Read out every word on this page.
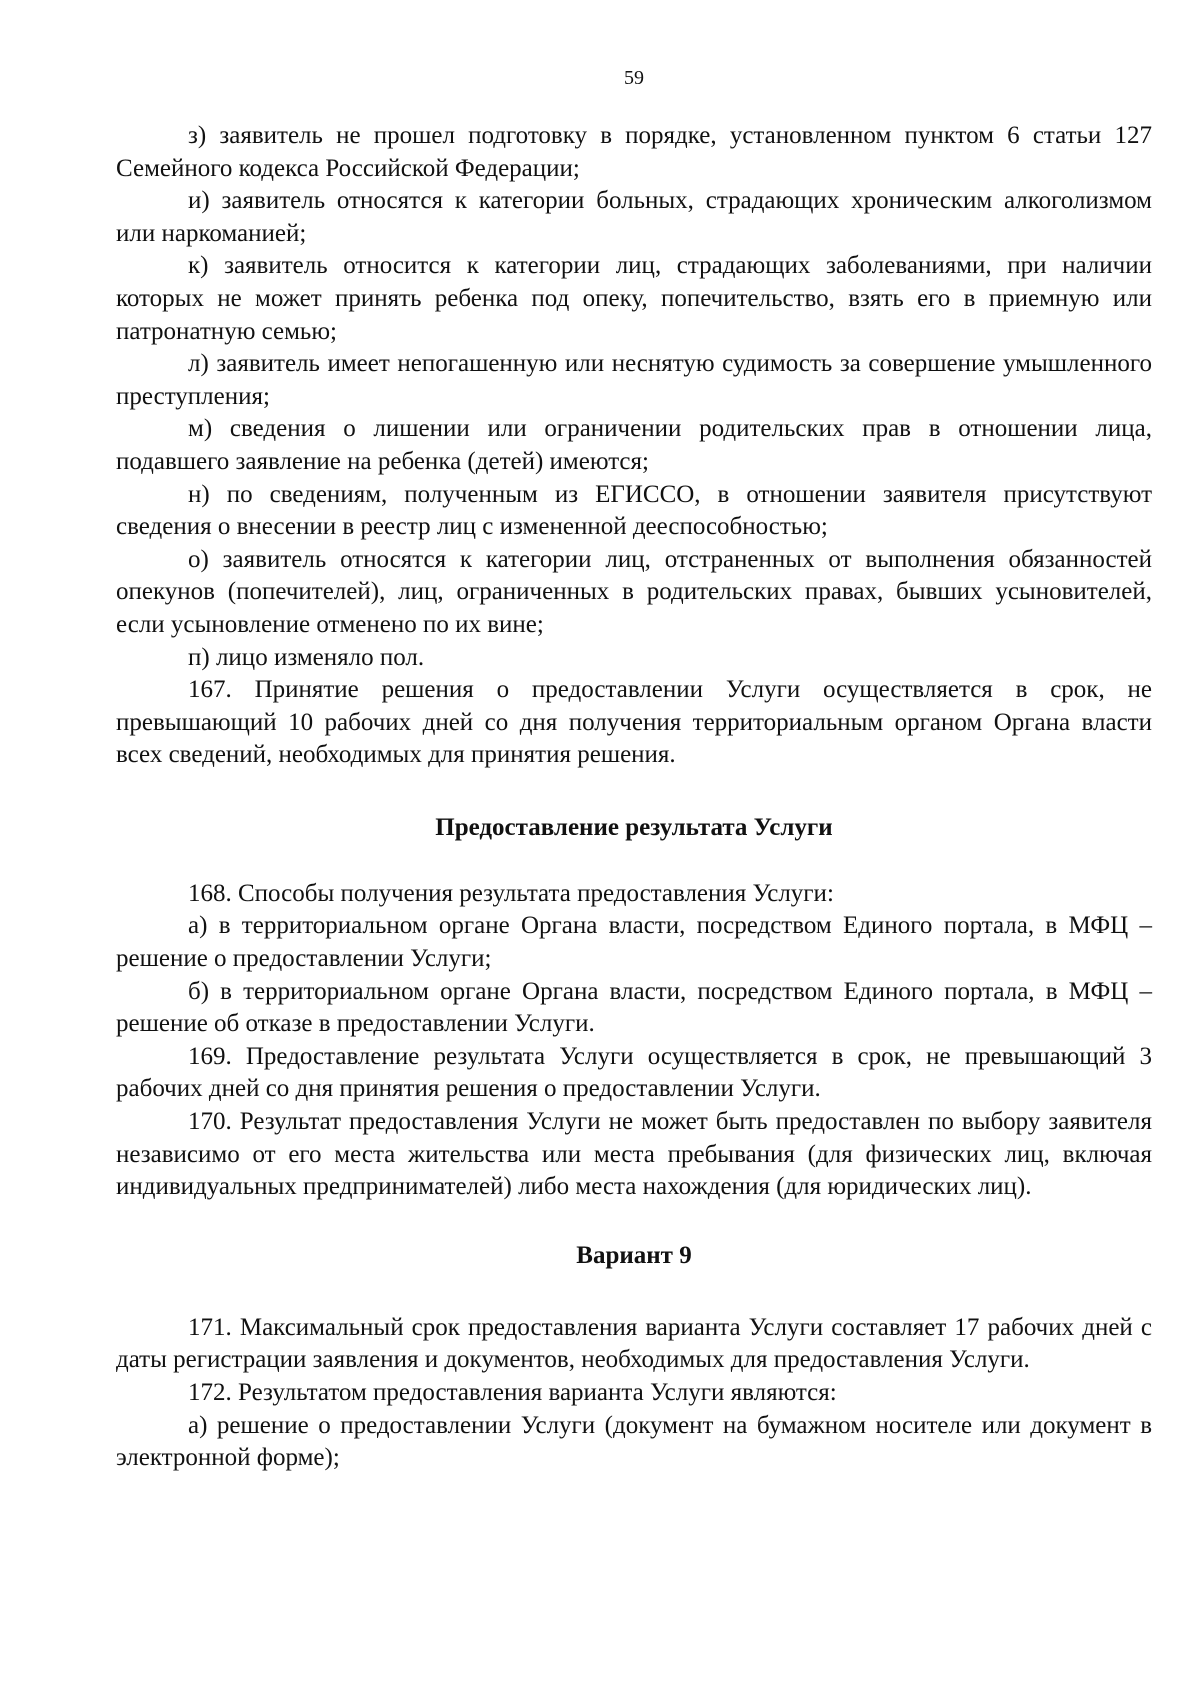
59

з) заявитель не прошел подготовку в порядке, установленном пунктом 6 статьи 127 Семейного кодекса Российской Федерации;

и) заявитель относятся к категории больных, страдающих хроническим алкоголизмом или наркоманией;

к) заявитель относится к категории лиц, страдающих заболеваниями, при наличии которых не может принять ребенка под опеку, попечительство, взять его в приемную или патронатную семью;

л) заявитель имеет непогашенную или неснятую судимость за совершение умышленного преступления;

м) сведения о лишении или ограничении родительских прав в отношении лица, подавшего заявление на ребенка (детей) имеются;

н) по сведениям, полученным из ЕГИССО, в отношении заявителя присутствуют сведения о внесении в реестр лиц с измененной дееспособностью;

о) заявитель относятся к категории лиц, отстраненных от выполнения обязанностей опекунов (попечителей), лиц, ограниченных в родительских правах, бывших усыновителей, если усыновление отменено по их вине;

п) лицо изменяло пол.

167. Принятие решения о предоставлении Услуги осуществляется в срок, не превышающий 10 рабочих дней со дня получения территориальным органом Органа власти всех сведений, необходимых для принятия решения.

Предоставление результата Услуги

168. Способы получения результата предоставления Услуги:

а) в территориальном органе Органа власти, посредством Единого портала, в МФЦ – решение о предоставлении Услуги;

б) в территориальном органе Органа власти, посредством Единого портала, в МФЦ – решение об отказе в предоставлении Услуги.

169. Предоставление результата Услуги осуществляется в срок, не превышающий 3 рабочих дней со дня принятия решения о предоставлении Услуги.

170. Результат предоставления Услуги не может быть предоставлен по выбору заявителя независимо от его места жительства или места пребывания (для физических лиц, включая индивидуальных предпринимателей) либо места нахождения (для юридических лиц).

Вариант 9

171. Максимальный срок предоставления варианта Услуги составляет 17 рабочих дней с даты регистрации заявления и документов, необходимых для предоставления Услуги.

172. Результатом предоставления варианта Услуги являются:

а) решение о предоставлении Услуги (документ на бумажном носителе или документ в электронной форме);
